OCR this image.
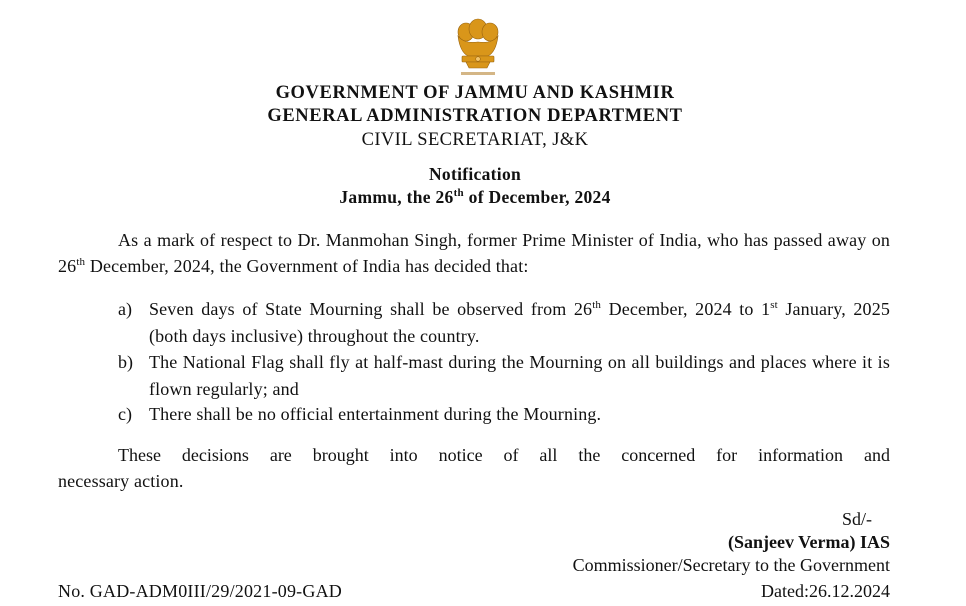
GOVERNMENT OF JAMMU AND KASHMIR
GENERAL ADMINISTRATION DEPARTMENT
CIVIL SECRETARIAT, J&K
Notification
Jammu, the 26th of December, 2024
As a mark of respect to Dr. Manmohan Singh, former Prime Minister of India, who has passed away on 26th December, 2024, the Government of India has decided that:
a) Seven days of State Mourning shall be observed from 26th December, 2024 to 1st January, 2025 (both days inclusive) throughout the country.
b) The National Flag shall fly at half-mast during the Mourning on all buildings and places where it is flown regularly; and
c) There shall be no official entertainment during the Mourning.
These decisions are brought into notice of all the concerned for information and
necessary action.
Sd/-
(Sanjeev Verma) IAS
Commissioner/Secretary to the Government
No. GAD-ADM0III/29/2021-09-GAD	Dated:26.12.2024
